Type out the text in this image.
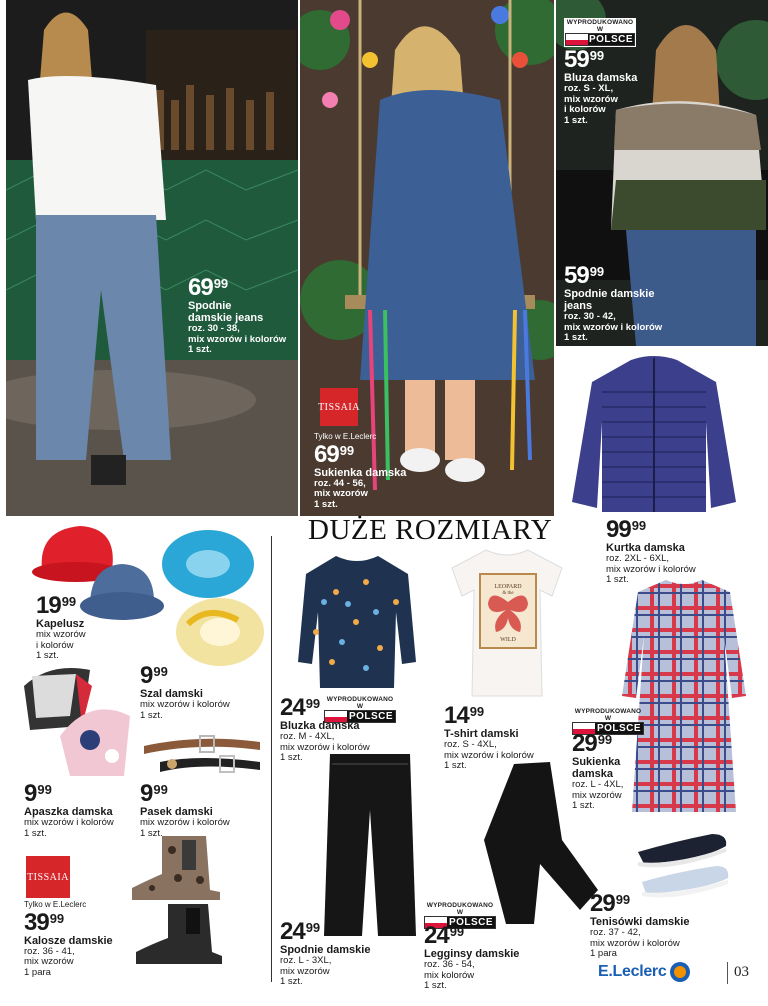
$69^{99}$
Spodnie damskie jeans
roz. 30 - 38,
mix wzorów i kolorów
1 szt.
TISSAIA
Tylko w E.Leclerc
$69^{99}$
Sukienka damska
roz. 44 - 56,
mix wzorów
1 szt.
WYPRODUKOWANO W
POLSCE
$59^{99}$
Bluza damska
roz. S - XL,
mix wzorów
i kolorów
1 szt.
$59^{99}$
Spodnie damskie jeans
roz. 30 - 42,
mix wzorów i kolorów
1 szt.
$99^{99}$
Kurtka damska
roz. 2XL - 6XL,
mix wzorów i kolorów
1 szt.
$19^{99}$
Kapelusz
mix wzorów
i kolorów
1 szt.
$9^{99}$
Szal damski
mix wzorów i kolorów
1 szt.
$9^{99}$
Apaszka damska
mix wzorów i kolorów
1 szt.
$9^{99}$
Pasek damski
mix wzorów i kolorów
1 szt.
TISSAIA
Tylko w E.Leclerc
$39^{99}$
Kalosze damskie
roz. 36 - 41,
mix wzorów
1 para
DUŻE ROZMIARY
WYPRODUKOWANO W
POLSCE
$24^{99}$
Bluzka damska
roz. M - 4XL,
mix wzorów i kolorów
1 szt.
LEOPARD
& the
WILD
$14^{99}$
T-shirt damski
roz. S - 4XL,
mix wzorów i kolorów
1 szt.
WYPRODUKOWANO W
POLSCE
$29^{99}$
Sukienka damska
roz. L - 4XL,
mix wzorów
1 szt.
$24^{99}$
Spodnie damskie
roz. L - 3XL,
mix wzorów
1 szt.
WYPRODUKOWANO W
POLSCE
$24^{99}$
Legginsy damskie
roz. 36 - 54,
mix kolorów
1 szt.
$29^{99}$
Tenisówki damskie
roz. 37 - 42,
mix wzorów i kolorów
1 para
E.Leclerc	03
